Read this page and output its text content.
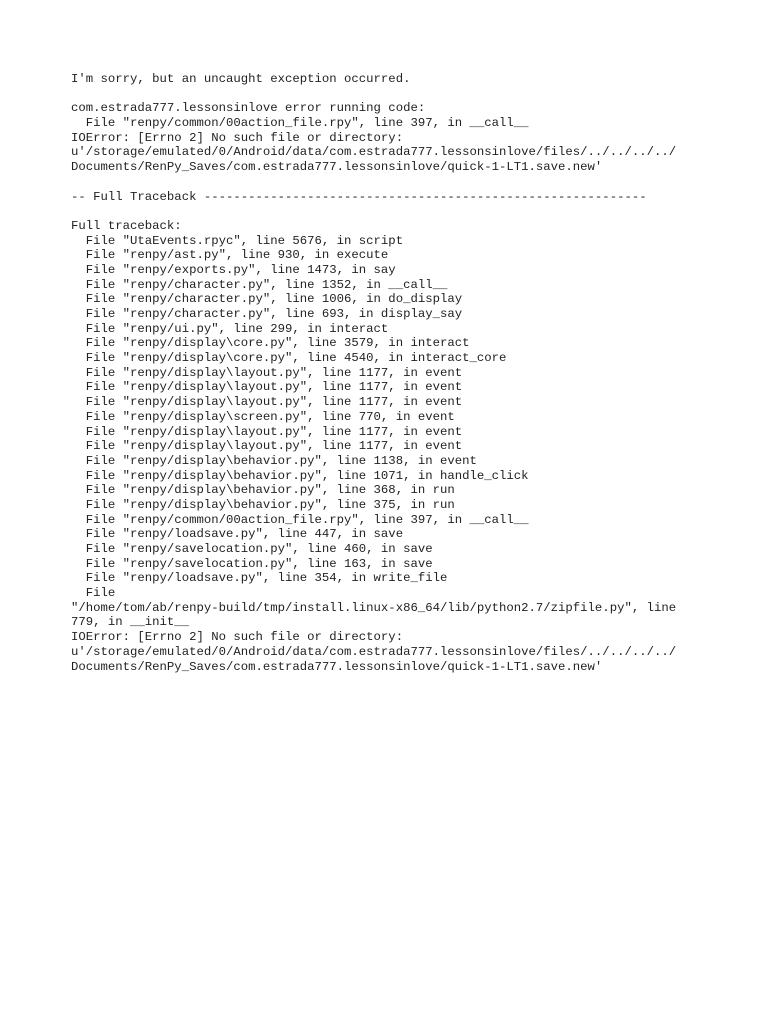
I'm sorry, but an uncaught exception occurred.
com.estrada777.lessonsinlove error running code:
File "renpy/common/00action_file.rpy", line 397, in __call__
IOError: [Errno 2] No such file or directory:
u'/storage/emulated/0/Android/data/com.estrada777.lessonsinlove/files/../../../../
Documents/RenPy_Saves/com.estrada777.lessonsinlove/quick-1-LT1.save.new'
-- Full Traceback ------------------------------------------------------------
Full traceback:
File "UtaEvents.rpyc", line 5676, in script
File "renpy/ast.py", line 930, in execute
File "renpy/exports.py", line 1473, in say
File "renpy/character.py", line 1352, in __call__
File "renpy/character.py", line 1006, in do_display
File "renpy/character.py", line 693, in display_say
File "renpy/ui.py", line 299, in interact
File "renpy/display\core.py", line 3579, in interact
File "renpy/display\core.py", line 4540, in interact_core
File "renpy/display\layout.py", line 1177, in event
File "renpy/display\layout.py", line 1177, in event
File "renpy/display\layout.py", line 1177, in event
File "renpy/display\screen.py", line 770, in event
File "renpy/display\layout.py", line 1177, in event
File "renpy/display\layout.py", line 1177, in event
File "renpy/display\behavior.py", line 1138, in event
File "renpy/display\behavior.py", line 1071, in handle_click
File "renpy/display\behavior.py", line 368, in run
File "renpy/display\behavior.py", line 375, in run
File "renpy/common/00action_file.rpy", line 397, in __call__
File "renpy/loadsave.py", line 447, in save
File "renpy/savelocation.py", line 460, in save
File "renpy/savelocation.py", line 163, in save
File "renpy/loadsave.py", line 354, in write_file
File
"/home/tom/ab/renpy-build/tmp/install.linux-x86_64/lib/python2.7/zipfile.py", line
779, in __init__
IOError: [Errno 2] No such file or directory:
u'/storage/emulated/0/Android/data/com.estrada777.lessonsinlove/files/../../../../
Documents/RenPy_Saves/com.estrada777.lessonsinlove/quick-1-LT1.save.new'
